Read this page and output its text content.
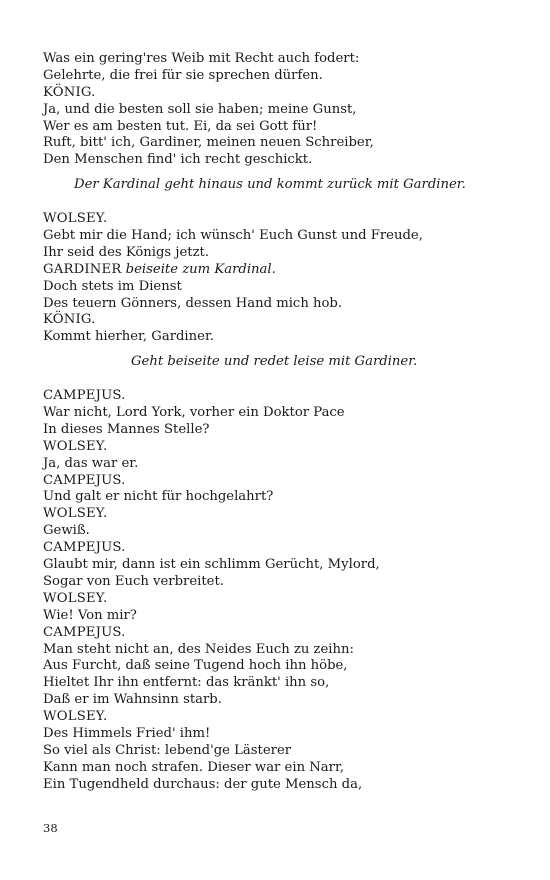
Was ein gering'res Weib mit Recht auch fodert:
Gelehrte, die frei für sie sprechen dürfen.
KÖNIG.
Ja, und die besten soll sie haben; meine Gunst,
Wer es am besten tut. Ei, da sei Gott für!
Ruft, bitt' ich, Gardiner, meinen neuen Schreiber,
Den Menschen find' ich recht geschickt.
Der Kardinal geht hinaus und kommt zurück mit Gardiner.
WOLSEY.
Gebt mir die Hand; ich wünsch' Euch Gunst und Freude,
Ihr seid des Königs jetzt.
GARDINER beiseite zum Kardinal.
Doch stets im Dienst
Des teuern Gönners, dessen Hand mich hob.
KÖNIG.
Kommt hierher, Gardiner.
Geht beiseite und redet leise mit Gardiner.
CAMPEJUS.
War nicht, Lord York, vorher ein Doktor Pace
In dieses Mannes Stelle?
WOLSEY.
Ja, das war er.
CAMPEJUS.
Und galt er nicht für hochgelahrt?
WOLSEY.
Gewiß.
CAMPEJUS.
Glaubt mir, dann ist ein schlimm Gerücht, Mylord,
Sogar von Euch verbreitet.
WOLSEY.
Wie! Von mir?
CAMPEJUS.
Man steht nicht an, des Neides Euch zu zeihn:
Aus Furcht, daß seine Tugend hoch ihn höbe,
Hieltet Ihr ihn entfernt: das kränkt' ihn so,
Daß er im Wahnsinn starb.
WOLSEY.
Des Himmels Fried' ihm!
So viel als Christ: lebend'ge Lästerer
Kann man noch strafen. Dieser war ein Narr,
Ein Tugendheld durchaus: der gute Mensch da,
38
